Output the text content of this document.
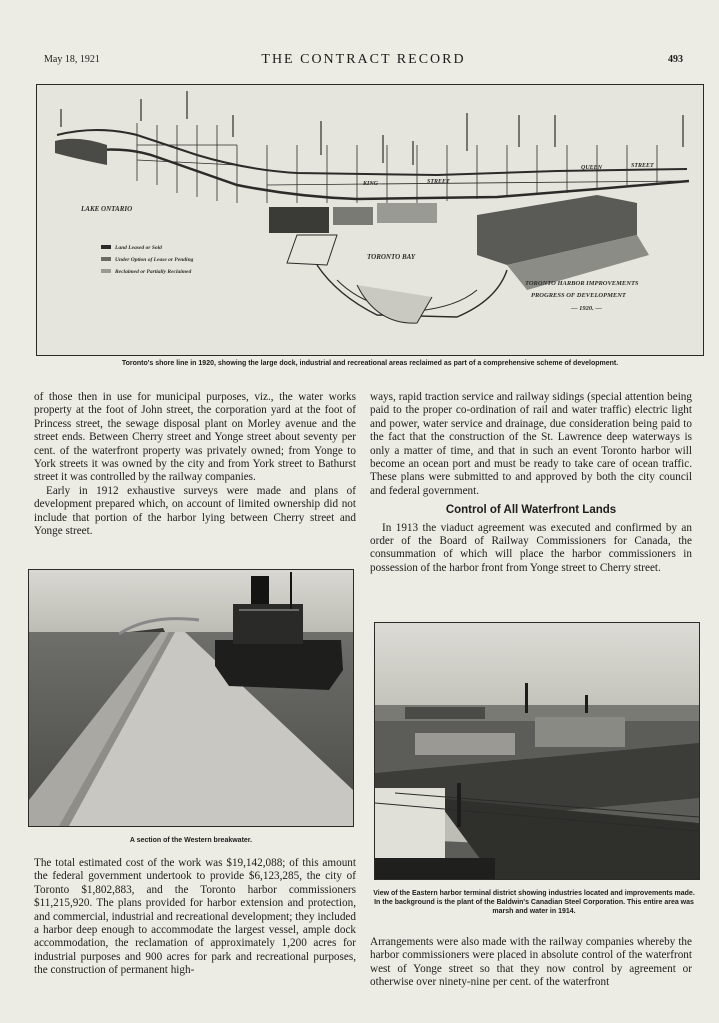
May 18, 1921	THE CONTRACT RECORD	493
LAKE ONTARIO
TORONTO BAY
KING	STREET
QUEEN	STREET
Land Leased or Sold
Under Option of Lease or Pending
Reclaimed or Partially Reclaimed
TORONTO HARBOR IMPROVEMENTS
PROGRESS OF DEVELOPMENT
— 1920. —
Toronto's shore line in 1920, showing the large dock, industrial and recreational areas reclaimed as part of a comprehensive scheme of development.

of those then in use for municipal purposes, viz., the water works property at the foot of John street, the corporation yard at the foot of Princess street, the sewage disposal plant on Morley avenue and the street ends. Between Cherry street and Yonge street about seventy per cent. of the waterfront property was privately owned; from Yonge to York streets it was owned by the city and from York street to Bathurst street it was controlled by the railway companies.

Early in 1912 exhaustive surveys were made and plans of development prepared which, on account of limited ownership did not include that portion of the harbor lying between Cherry street and Yonge street.

ways, rapid traction service and railway sidings (special attention being paid to the proper co-ordination of rail and water traffic) electric light and power, water service and drainage, due consideration being paid to the fact that the construction of the St. Lawrence deep waterways is only a matter of time, and that in such an event Toronto harbor will become an ocean port and must be ready to take care of ocean traffic. These plans were submitted to and approved by both the city council and federal government.

Control of All Waterfront Lands

In 1913 the viaduct agreement was executed and confirmed by an order of the Board of Railway Commissioners for Canada, the consummation of which will place the harbor commissioners in possession of the harbor front from Yonge street to Cherry street.

A section of the Western breakwater.
View of the Eastern harbor terminal district showing industries located and improvements made. In the background is the plant of the Baldwin's Canadian Steel Corporation. This entire area was marsh and water in 1914.

The total estimated cost of the work was $19,142,088; of this amount the federal government undertook to provide $6,123,285, the city of Toronto $1,802,883, and the Toronto harbor commissioners $11,215,920. The plans provided for harbor extension and protection, and commercial, industrial and recreational development; they included a harbor deep enough to accommodate the largest vessel, ample dock accommodation, the reclamation of approximately 1,200 acres for industrial purposes and 900 acres for park and recreational purposes, the construction of permanent high-

Arrangements were also made with the railway companies whereby the harbor commissioners were placed in absolute control of the waterfront west of Yonge street so that they now control by agreement or otherwise over ninety-nine per cent. of the waterfront
